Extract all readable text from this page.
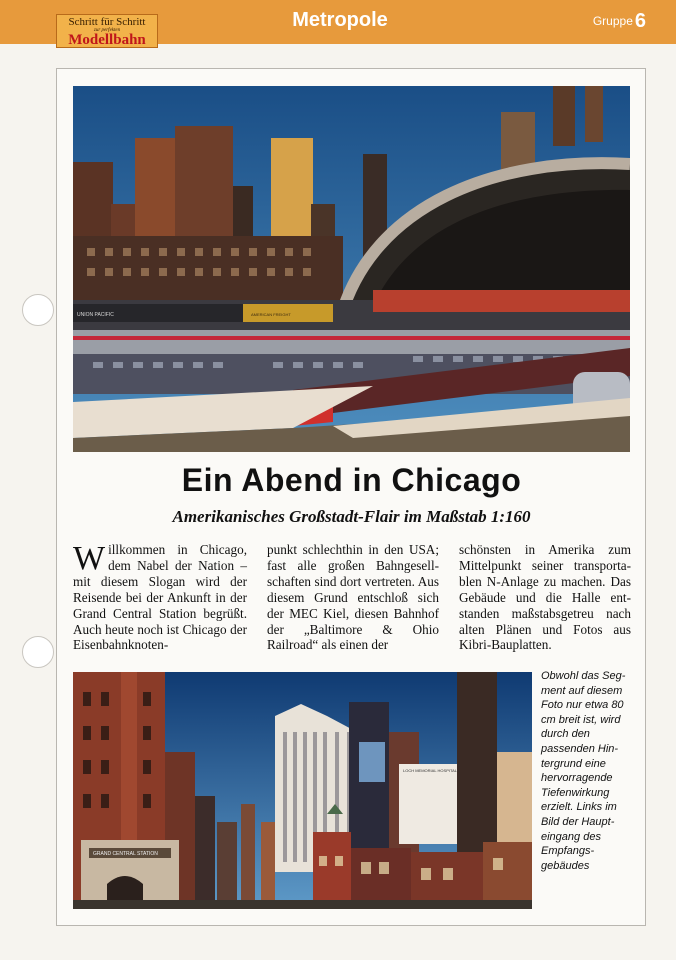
Schritt für Schritt
zur perfekten
Modellbahn
Metropole	Gruppe 6
UNION PACIFIC	AMERICAN FREIGHT
Ein Abend in Chicago
Amerikanisches Großstadt-Flair im Maßstab 1:160
Willkommen in Chicago, dem Nabel der Nation – mit diesem Slogan wird der Reisende bei der Ankunft in der Grand Central Station begrüßt. Auch heute noch ist Chicago der Eisenbahnknoten-
punkt schlechthin in den USA; fast alle großen Bahngesell-schaften sind dort vertreten. Aus diesem Grund entschloß sich der MEC Kiel, diesen Bahnhof der „Baltimore & Ohio Railroad“ als einen der
schönsten in Amerika zum Mittelpunkt seiner transporta-blen N-Anlage zu machen. Das Gebäude und die Halle ent-standen maßstabsgetreu nach alten Plänen und Fotos aus Kibri-Bauplatten.
LOCH MEMORIAL HOSPITAL
GRAND CENTRAL STATION
Obwohl das Seg-ment auf diesem Foto nur etwa 80 cm breit ist, wird durch den passenden Hin-tergrund eine hervorragende Tiefenwirkung erzielt. Links im Bild der Haupt-eingang des Empfangs-gebäudes
